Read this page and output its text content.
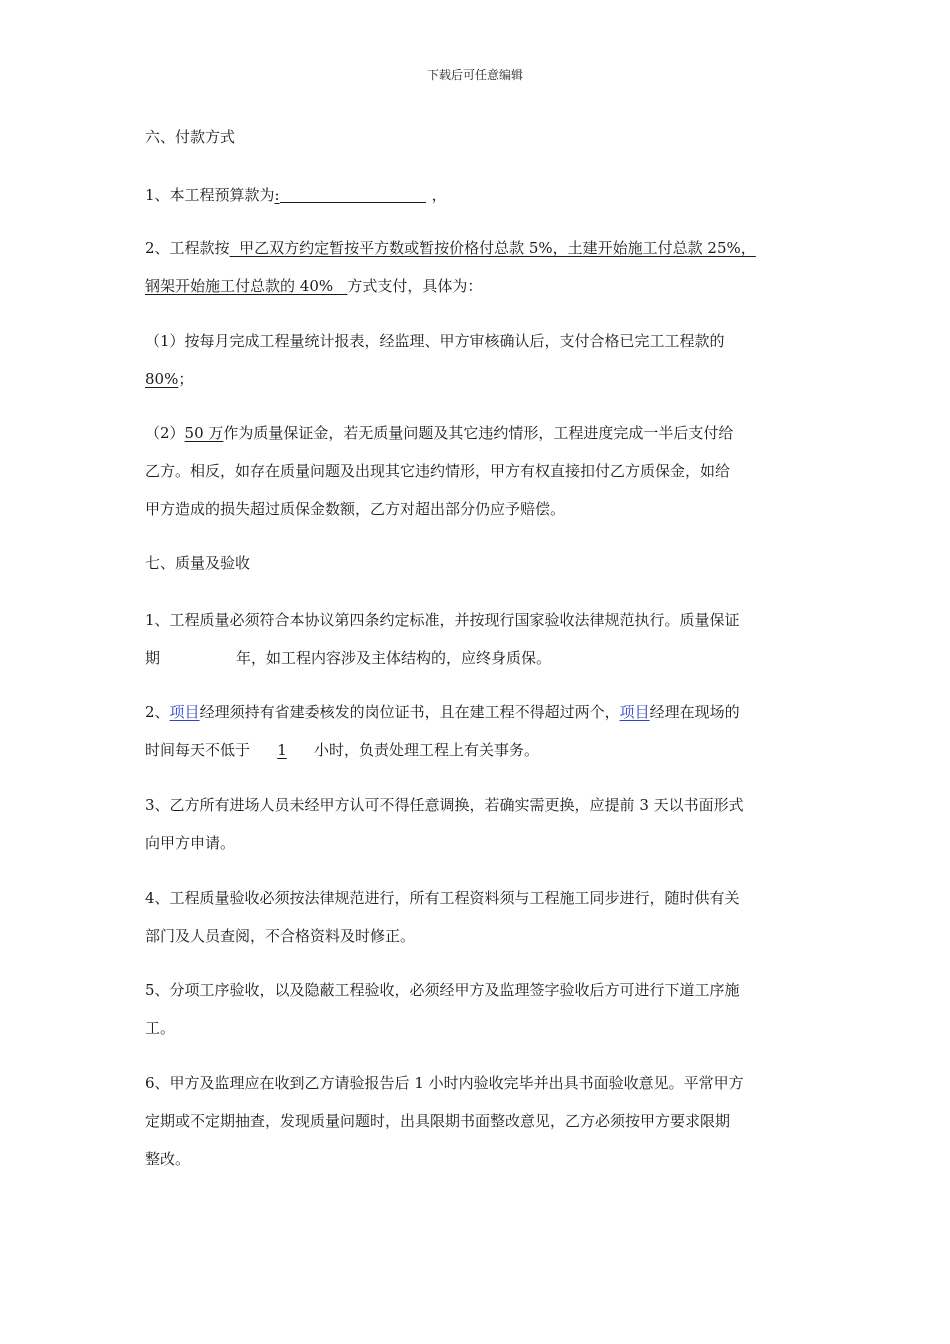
下载后可任意编辑
六、付款方式
1、本工程预算款为:	，
2、工程款按  甲乙双方约定暂按平方数或暂按价格付总款 5%，土建开始施工付总款 25%，
钢架开始施工付总款的 40%   方式支付，具体为：
（1）按每月完成工程量统计报表，经监理、甲方审核确认后，支付合格已完工工程款的
80%；
（2）50 万作为质量保证金，若无质量问题及其它违约情形，工程进度完成一半后支付给
乙方。相反，如存在质量问题及出现其它违约情形，甲方有权直接扣付乙方质保金，如给
甲方造成的损失超过质保金数额，乙方对超出部分仍应予赔偿。
七、质量及验收
1、工程质量必须符合本协议第四条约定标准，并按现行国家验收法律规范执行。质量保证
期	年，如工程内容涉及主体结构的，应终身质保。
2、项目经理须持有省建委核发的岗位证书，且在建工程不得超过两个，项目经理在现场的
时间每天不低于 1 小时，负责处理工程上有关事务。
3、乙方所有进场人员未经甲方认可不得任意调换，若确实需更换，应提前 3 天以书面形式
向甲方申请。
4、工程质量验收必须按法律规范进行，所有工程资料须与工程施工同步进行，随时供有关
部门及人员查阅，不合格资料及时修正。
5、分项工序验收，以及隐蔽工程验收，必须经甲方及监理签字验收后方可进行下道工序施
工。
6、甲方及监理应在收到乙方请验报告后 1 小时内验收完毕并出具书面验收意见。平常甲方
定期或不定期抽查，发现质量问题时，出具限期书面整改意见，乙方必须按甲方要求限期
整改。
